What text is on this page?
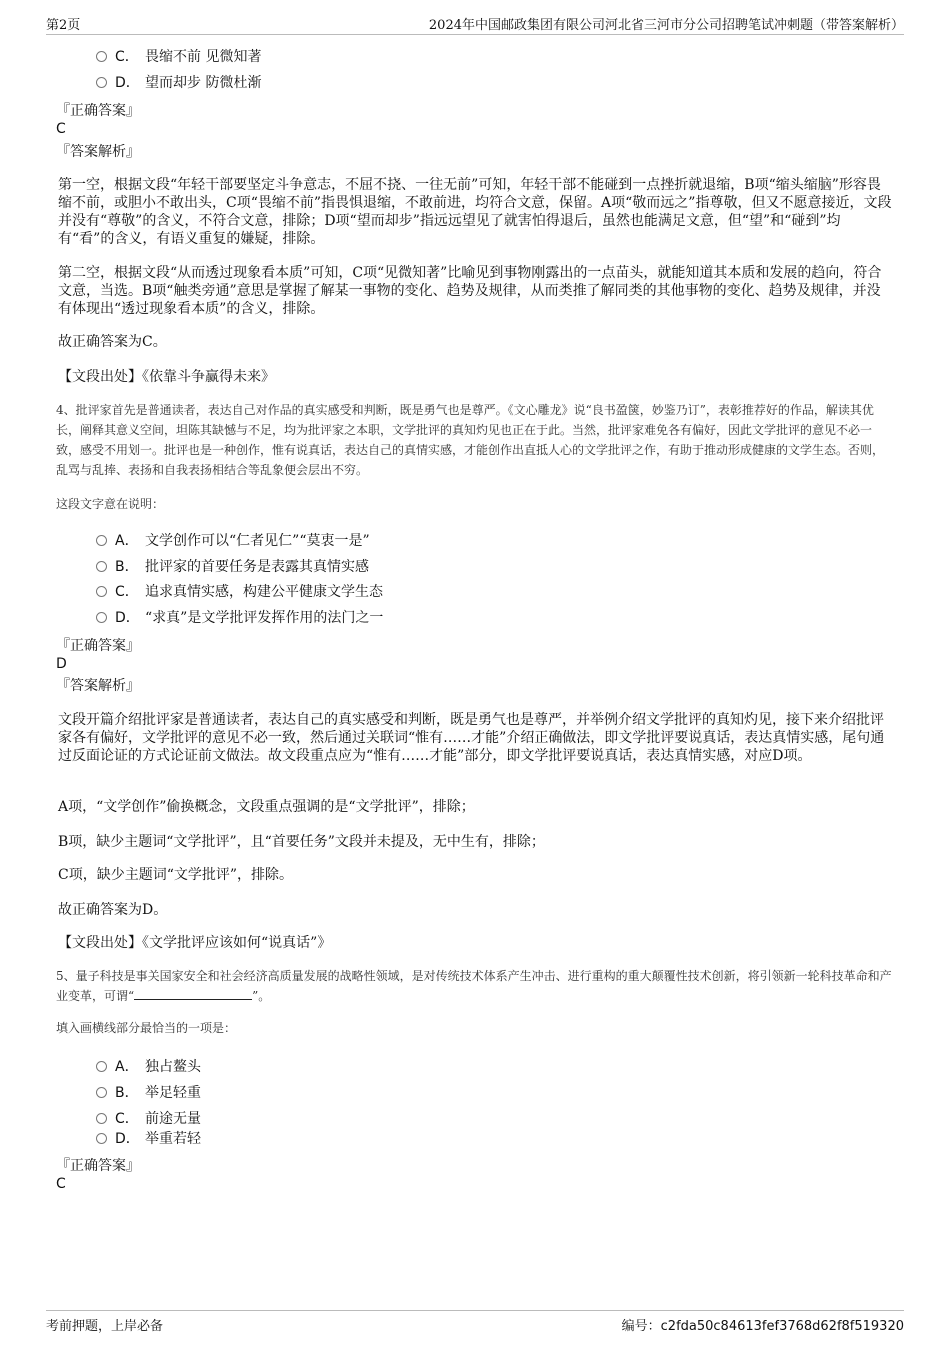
第2页	2024年中国邮政集团有限公司河北省三河市分公司招聘笔试冲刺题（带答案解析）
C． 畏缩不前 见微知著
D． 望而却步 防微杜渐
『正确答案』
C
『答案解析』

第一空，根据文段“年轻干部要坚定斗争意志，不屈不挠、一往无前”可知，年轻干部不能碰到一点挫折就退缩，B项“缩头缩脑”形容畏缩不前，或胆小不敢出头，C项“畏缩不前”指畏惧退缩，不敢前进，均符合文意，保留。A项“敬而远之”指尊敬，但又不愿意接近，文段并没有“尊敬”的含义，不符合文意，排除；D项“望而却步”指远远望见了就害怕得退后，虽然也能满足文意，但“望”和“碰到”均有“看”的含义，有语义重复的嫌疑，排除。

第二空，根据文段“从而透过现象看本质”可知，C项“见微知著”比喻见到事物刚露出的一点苗头，就能知道其本质和发展的趋向，符合文意，当选。B项“触类旁通”意思是掌握了解某一事物的变化、趋势及规律，从而类推了解同类的其他事物的变化、趋势及规律，并没有体现出“透过现象看本质”的含义，排除。

故正确答案为C。

【文段出处】《依靠斗争赢得未来》

4、批评家首先是普通读者，表达自己对作品的真实感受和判断，既是勇气也是尊严。《文心雕龙》说“良书盈箧，妙鉴乃订”，表彰推荐好的作品，解读其优长，阐释其意义空间，坦陈其缺憾与不足，均为批评家之本职，文学批评的真知灼见也正在于此。当然，批评家难免各有偏好，因此文学批评的意见不必一致，感受不用划一。批评也是一种创作，惟有说真话，表达自己的真情实感，才能创作出直抵人心的文学批评之作，有助于推动形成健康的文学生态。否则，乱骂与乱捧、表扬和自我表扬相结合等乱象便会层出不穷。

这段文字意在说明：

A． 文学创作可以“仁者见仁”“莫衷一是”
B． 批评家的首要任务是表露其真情实感
C． 追求真情实感，构建公平健康文学生态
D． “求真”是文学批评发挥作用的法门之一
『正确答案』
D
『答案解析』

文段开篇介绍批评家是普通读者，表达自己的真实感受和判断，既是勇气也是尊严，并举例介绍文学批评的真知灼见，接下来介绍批评家各有偏好，文学批评的意见不必一致，然后通过关联词“惟有……才能”介绍正确做法，即文学批评要说真话，表达真情实感，尾句通过反面论证的方式论证前文做法。故文段重点应为“惟有……才能”部分，即文学批评要说真话，表达真情实感，对应D项。

A项，“文学创作”偷换概念，文段重点强调的是“文学批评”，排除；

B项，缺少主题词“文学批评”，且“首要任务”文段并未提及，无中生有，排除；

C项，缺少主题词“文学批评”，排除。

故正确答案为D。

【文段出处】《文学批评应该如何“说真话”》

5、量子科技是事关国家安全和社会经济高质量发展的战略性领域，是对传统技术体系产生冲击、进行重构的重大颠覆性技术创新，将引领新一轮科技革命和产业变革，可谓“	”。

填入画横线部分最恰当的一项是：

A． 独占鳌头
B． 举足轻重
C． 前途无量
D． 举重若轻
『正确答案』
C
考前押题，上岸必备	编号：c2fda50c84613fef3768d62f8f519320
